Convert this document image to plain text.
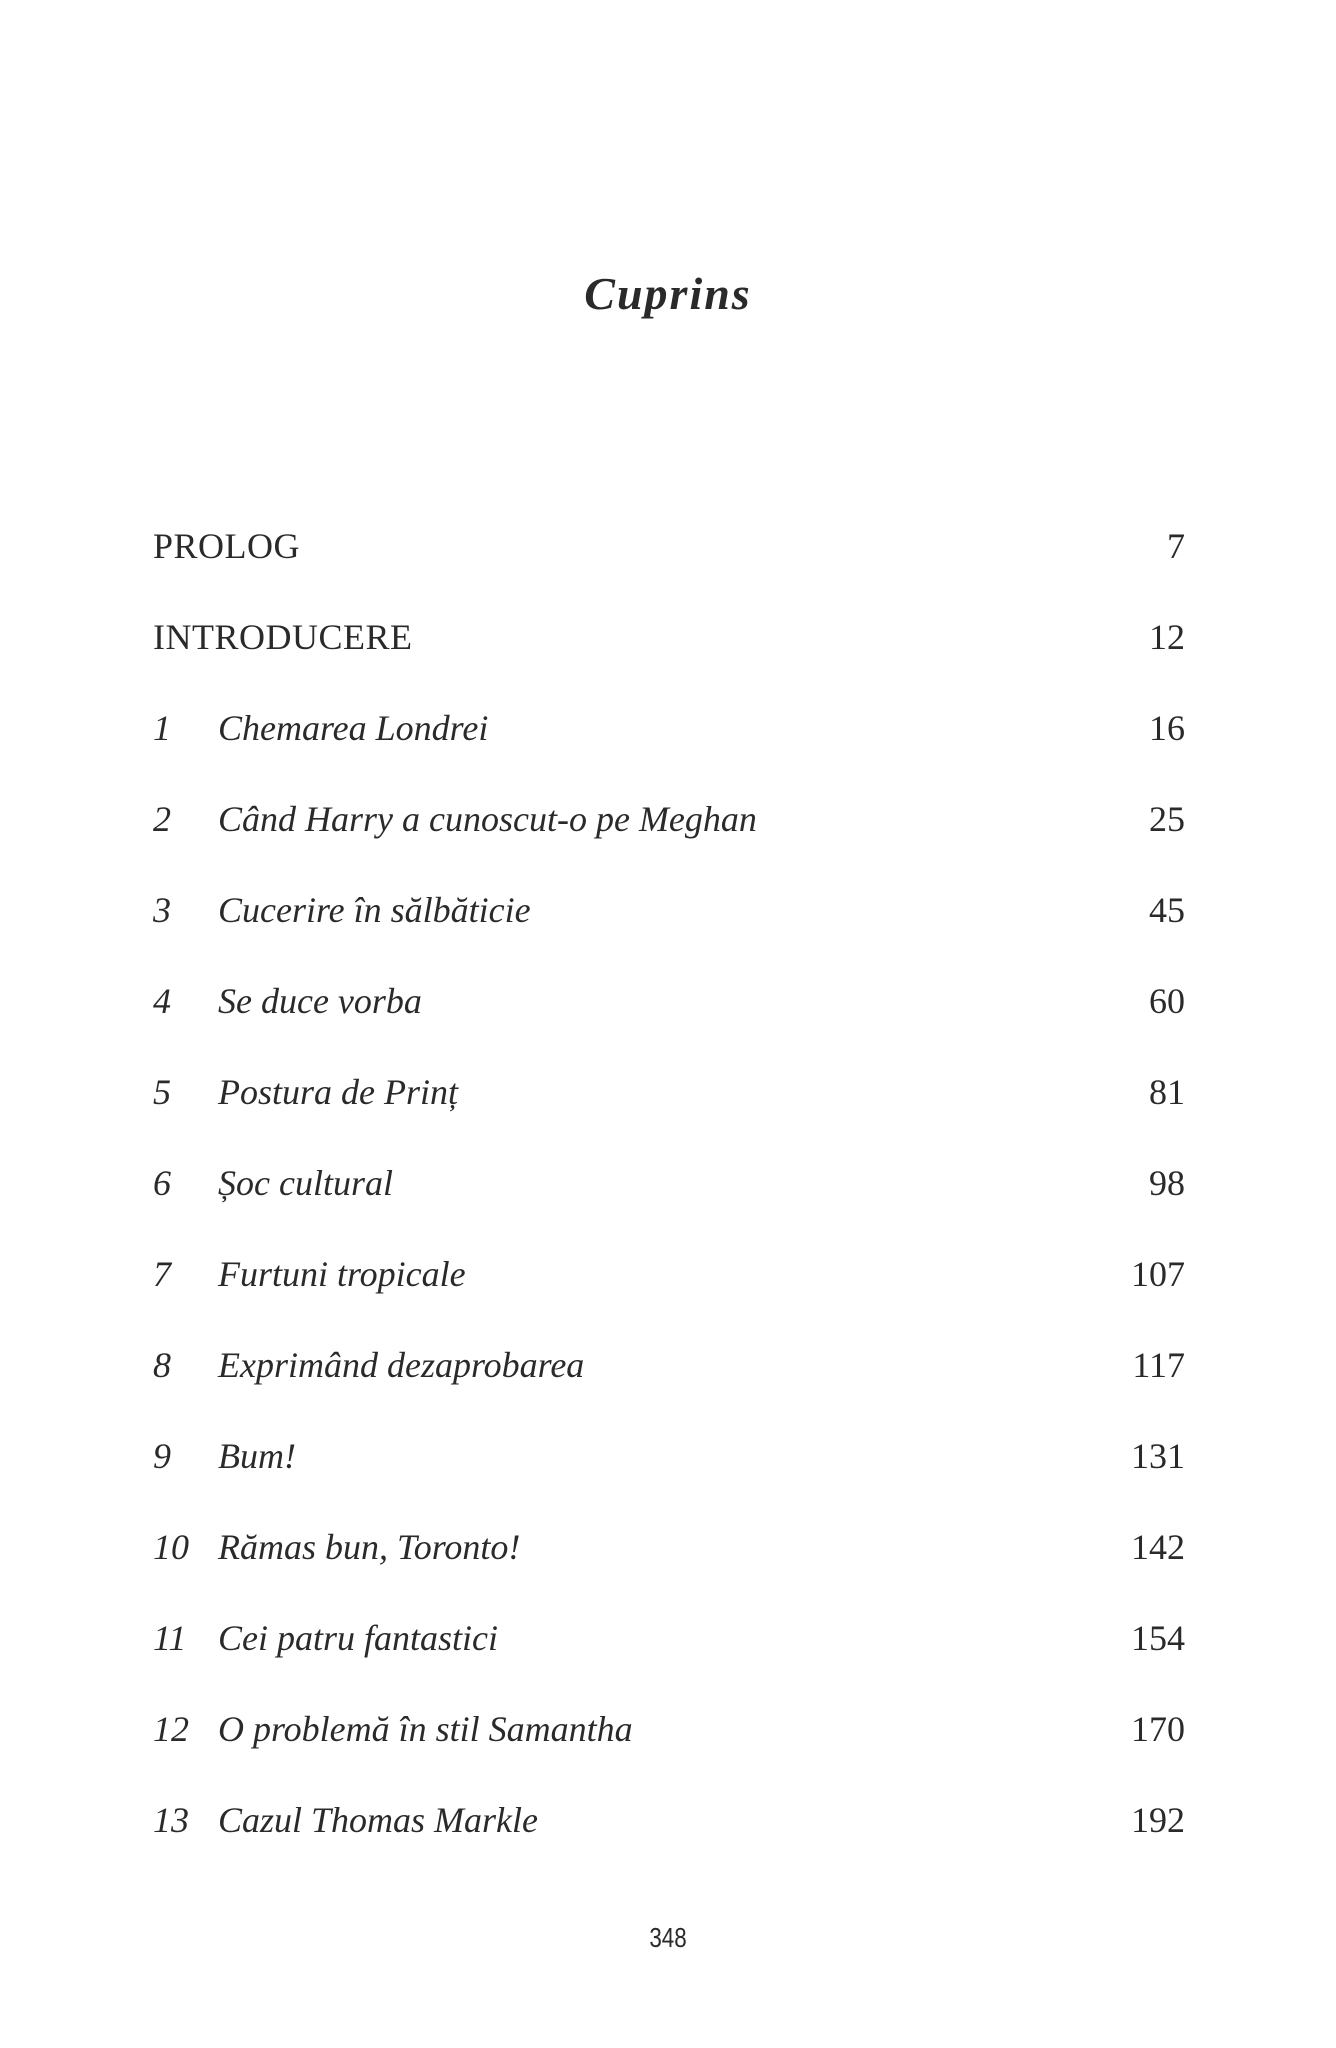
Cuprins
PROLOG	7
INTRODUCERE	12
1 Chemarea Londrei	16
2 Când Harry a cunoscut-o pe Meghan	25
3 Cucerire în sălbăticie	45
4 Se duce vorba	60
5 Postura de Prinț	81
6 Șoc cultural	98
7 Furtuni tropicale	107
8 Exprimând dezaprobarea	117
9 Bum!	131
10 Rămas bun, Toronto!	142
11 Cei patru fantastici	154
12 O problemă în stil Samantha	170
13 Cazul Thomas Markle	192
348
